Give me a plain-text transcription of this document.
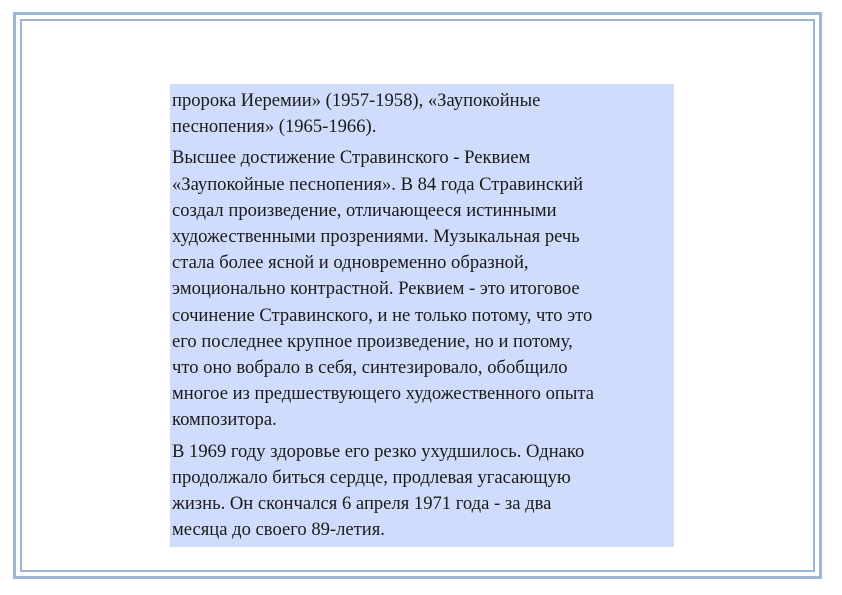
пророка Иеремии» (1957-1958), «Заупокойные
песнопения» (1965-1966).

Высшее достижение Стравинского - Реквием
«Заупокойные песнопения». В 84 года Стравинский
создал произведение, отличающееся истинными
художественными прозрениями. Музыкальная речь
стала более ясной и одновременно образной,
эмоционально контрастной. Реквием - это итоговое
сочинение Стравинского, и не только потому, что это
его последнее крупное произведение, но и потому,
что оно вобрало в себя, синтезировало, обобщило
многое из предшествующего художественного опыта
композитора.

В 1969 году здоровье его резко ухудшилось. Однако
продолжало биться сердце, продлевая угасающую
жизнь. Он скончался 6 апреля 1971 года - за два
месяца до своего 89-летия.
